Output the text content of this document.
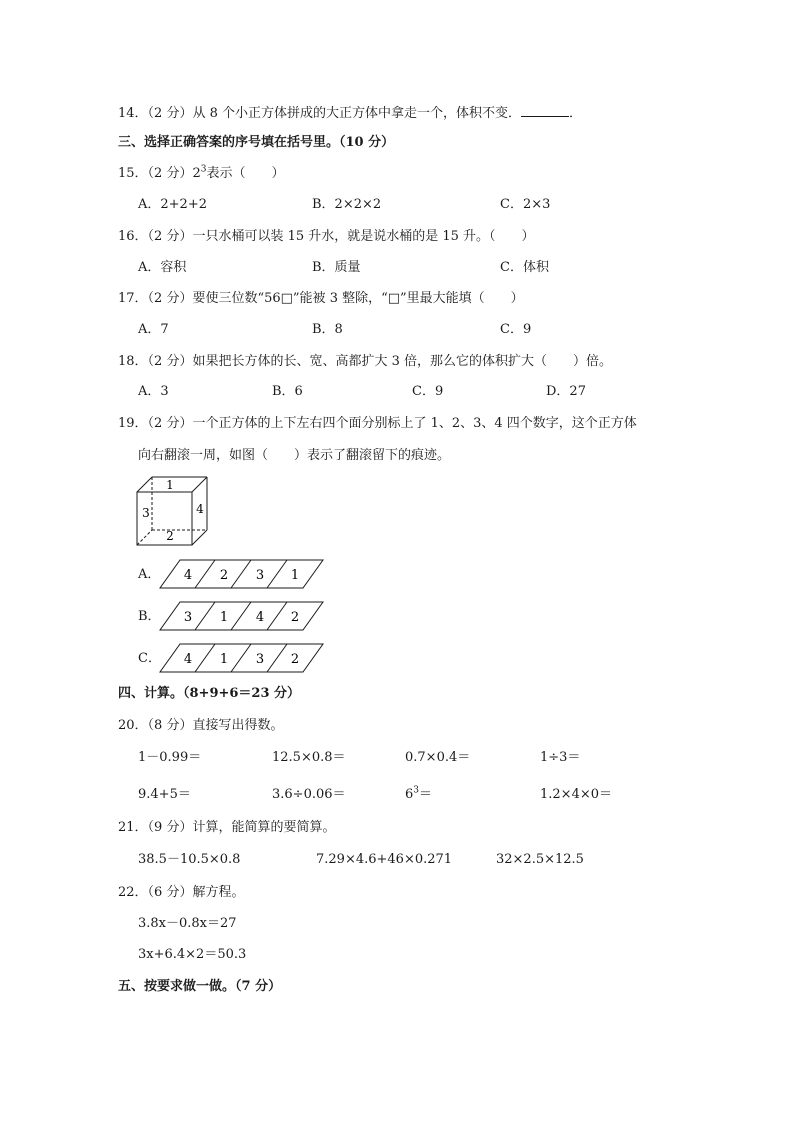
14．（2 分）从 8 个小正方体拼成的大正方体中拿走一个，体积不变．	．
三、选择正确答案的序号填在括号里。（10 分）
15．（2 分）$2^3$表示（　　）
A．2+2+2	B．2×2×2	C．2×3
16．（2 分）一只水桶可以装 15 升水，就是说水桶的是 15 升。（　　）
A．容积	B．质量	C．体积
17．（2 分）要使三位数“56□”能被 3 整除，“□”里最大能填（　　）
A．7	B．8	C．9
18．（2 分）如果把长方体的长、宽、高都扩大 3 倍，那么它的体积扩大（　　）倍。
A．3	B．6	C．9	D．27
19．（2 分）一个正方体的上下左右四个面分别标上了 1、2、3、4 四个数字，这个正方体
向右翻滚一周，如图（　　）表示了翻滚留下的痕迹。
1
3	4
2
A． 4 2 3 1
B． 3 1 4 2
C． 4 1 3 2
四、计算。（8+9+6＝23 分）
20．（8 分）直接写出得数。
1－0.99＝	12.5×0.8＝	0.7×0.4＝	1÷3＝
9.4+5＝	3.6÷0.06＝	$6^3=$	1.2×4×0＝
21．（9 分）计算，能简算的要简算。
38.5－10.5×0.8	7.29×4.6+46×0.271	32×2.5×12.5
22．（6 分）解方程。
3.8x－0.8x＝27
3x+6.4×2＝50.3
五、按要求做一做。（7 分）
